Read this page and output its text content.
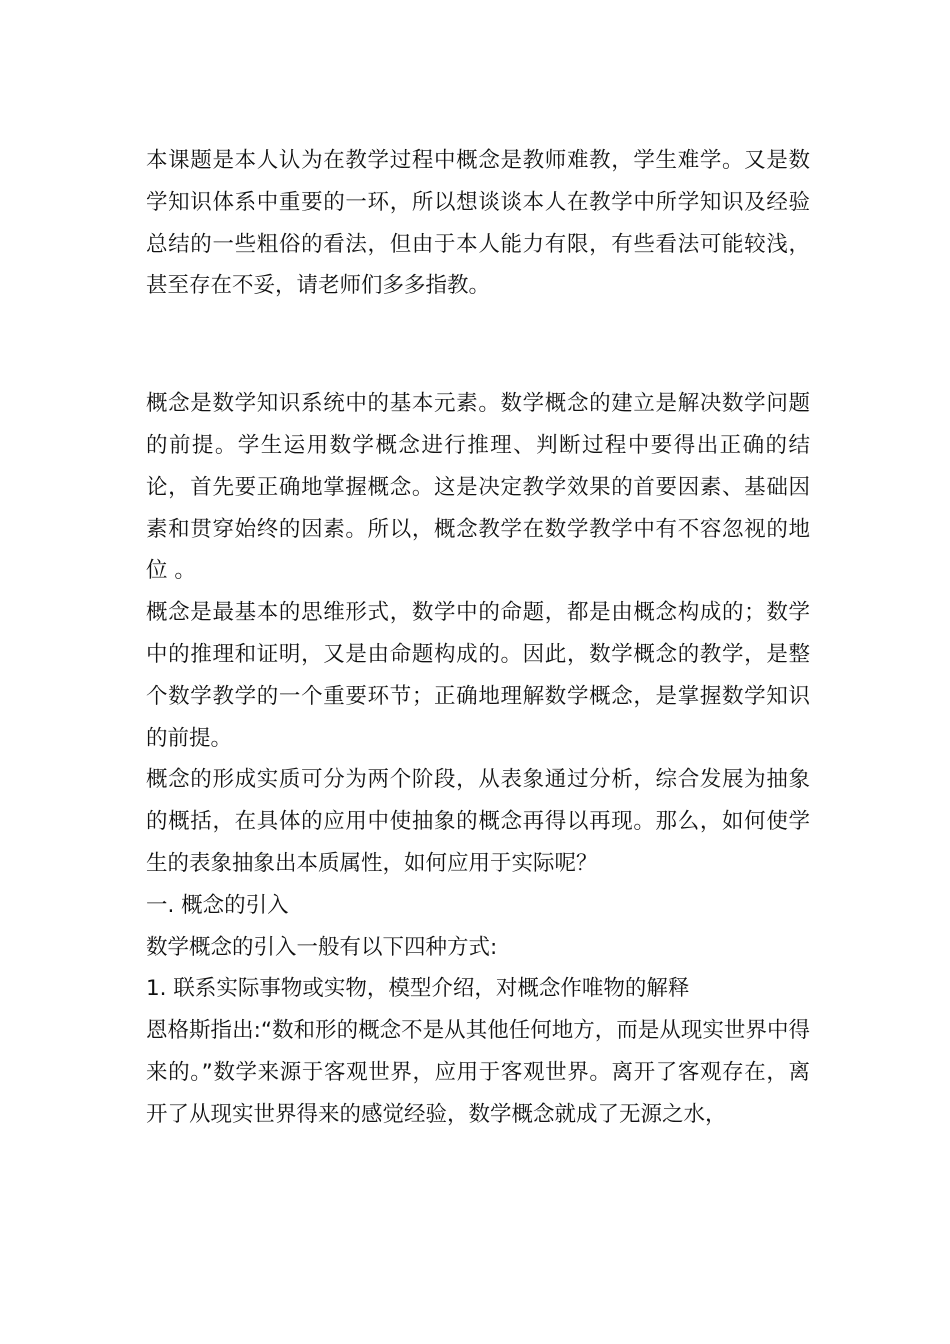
本课题是本人认为在教学过程中概念是教师难教，学生难学。又是数学知识体系中重要的一环，所以想谈谈本人在教学中所学知识及经验总结的一些粗俗的看法，但由于本人能力有限，有些看法可能较浅，甚至存在不妥，请老师们多多指教。

概念是数学知识系统中的基本元素。数学概念的建立是解决数学问题的前提。学生运用数学概念进行推理、判断过程中要得出正确的结论，首先要正确地掌握概念。这是决定教学效果的首要因素、基础因素和贯穿始终的因素。所以，概念教学在数学教学中有不容忽视的地位 。

概念是最基本的思维形式，数学中的命题，都是由概念构成的；数学中的推理和证明，又是由命题构成的。因此，数学概念的教学，是整个数学教学的一个重要环节；正确地理解数学概念，是掌握数学知识的前提。

概念的形成实质可分为两个阶段，从表象通过分析，综合发展为抽象的概括，在具体的应用中使抽象的概念再得以再现。那么，如何使学生的表象抽象出本质属性，如何应用于实际呢？

一. 概念的引入

数学概念的引入一般有以下四种方式:

1. 联系实际事物或实物，模型介绍，对概念作唯物的解释

恩格斯指出:“数和形的概念不是从其他任何地方，而是从现实世界中得来的。”数学来源于客观世界，应用于客观世界。离开了客观存在，离开了从现实世界得来的感觉经验，数学概念就成了无源之水，
